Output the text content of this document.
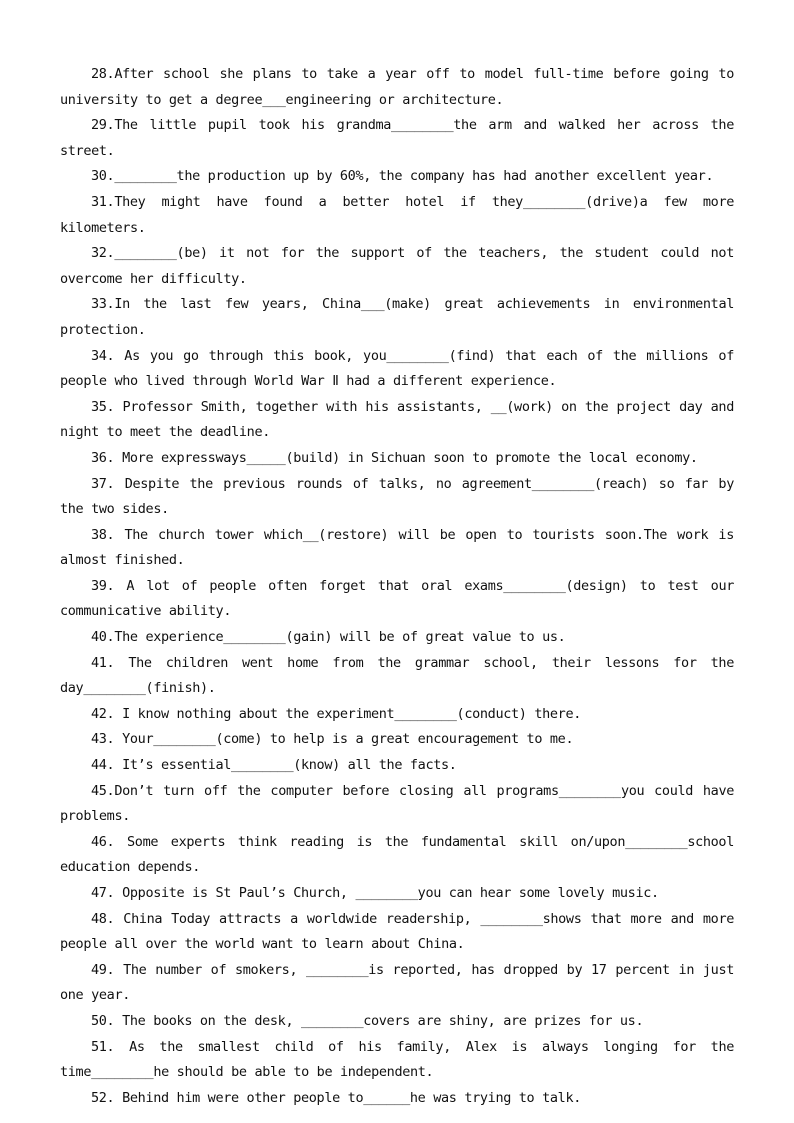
28.After school she plans to take a year off to model full-time before going to university to get a degree___engineering or architecture.

29.The little pupil took his grandma________the arm and walked her across the street.

30.________the production up by 60%, the company has had another excellent year.

31.They might have found a better hotel if they________(drive)a few more kilometers.

32.________(be) it not for the support of the teachers, the student could not overcome her difficulty.

33.In the last few years, China___(make) great achievements in environmental protection.

34. As you go through this book, you________(find) that each of the millions of people who lived through World War Ⅱ had a different experience.

35. Professor Smith, together with his assistants, __(work) on the project day and night to meet the deadline.

36. More expressways_____(build) in Sichuan soon to promote the local economy.

37. Despite the previous rounds of talks, no agreement________(reach) so far by the two sides.

38. The church tower which__(restore) will be open to tourists soon.The work is almost finished.

39. A lot of people often forget that oral exams________(design) to test our communicative ability.

40.The experience________(gain) will be of great value to us.

41. The children went home from the grammar school, their lessons for the day________(finish).

42. I know nothing about the experiment________(conduct) there.

43. Your________(come) to help is a great encouragement to me.

44. It’s essential________(know) all the facts.

45.Don’t turn off the computer before closing all programs________you could have problems.

46. Some experts think reading is the fundamental skill on/upon________school education depends.

47. Opposite is St Paul’s Church, ________you can hear some lovely music.

48. China Today attracts a worldwide readership, ________shows that more and more people all over the world want to learn about China.

49. The number of smokers, ________is reported, has dropped by 17 percent in just one year.

50. The books on the desk, ________covers are shiny, are prizes for us.

51. As the smallest child of his family, Alex is always longing for the time________he should be able to be independent.

52. Behind him were other people to______he was trying to talk.
